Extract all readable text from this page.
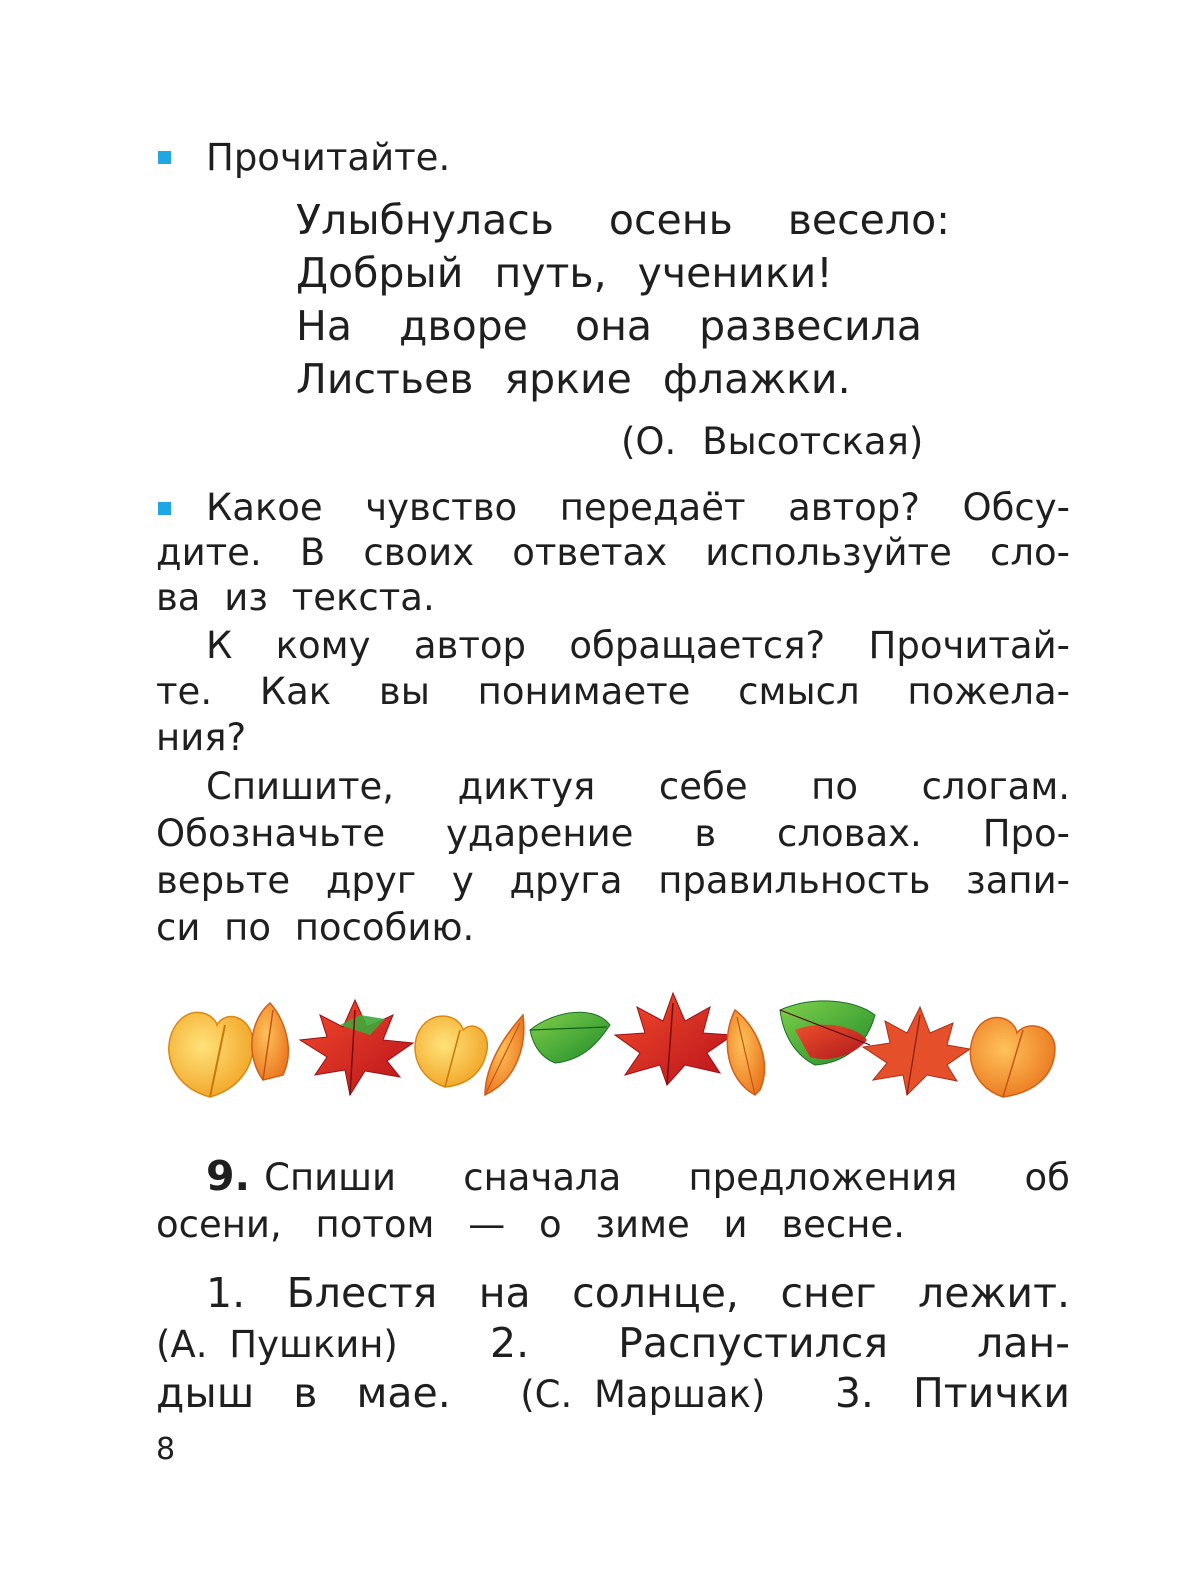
Прочитайте.
Улыбнулась осень весело:
Добрый путь, ученики!
На дворе она развесила
Листьев яркие флажки.
(О. Высотская)
Какое чувство передаёт автор? Обсу-
дите. В своих ответах используйте сло-
ва из текста.
К кому автор обращается? Прочитай-
те. Как вы понимаете смысл пожела-
ния?
Спишите, диктуя себе по слогам.
Обозначьте ударение в словах. Про-
верьте друг у друга правильность запи-
си по пособию.
9. Спиши сначала предложения об
осени, потом — о зиме и весне.
1. Блестя на солнце, снег лежит.
(А. Пушкин) 2. Распустился лан-
дыш в мае. (С. Маршак) 3. Птички
8
